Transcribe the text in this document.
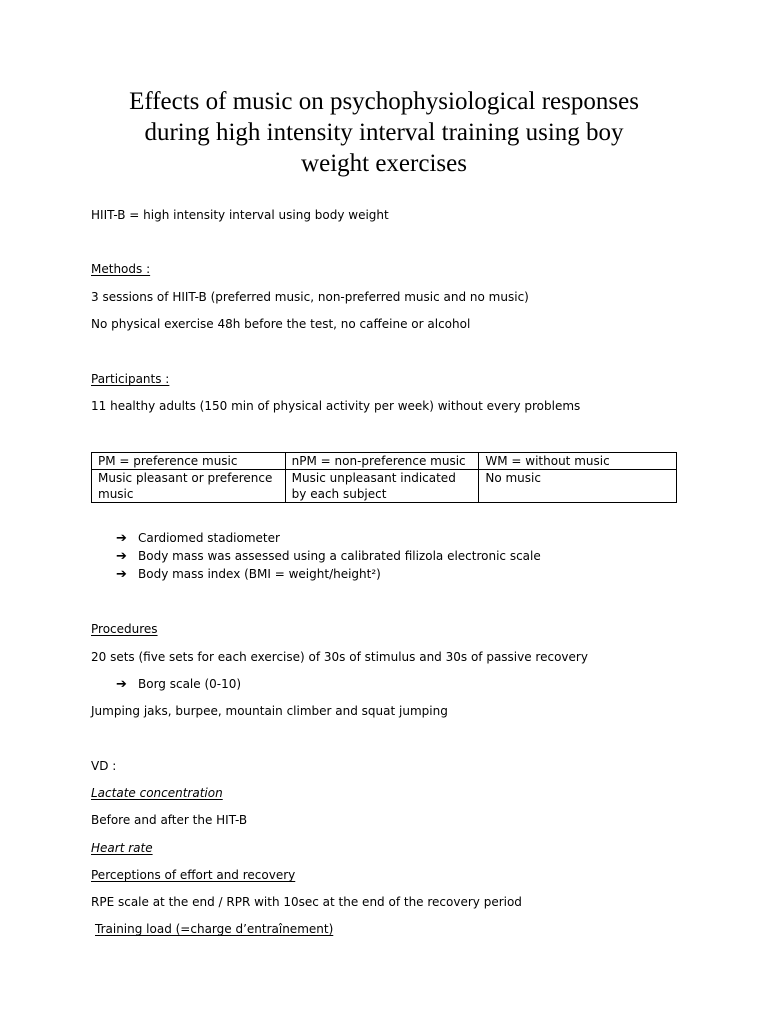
Effects of music on psychophysiological responses
during high intensity interval training using boy
weight exercises
HIIT-B = high intensity interval using body weight
Methods :
3 sessions of HIIT-B (preferred music, non-preferred music and no music)
No physical exercise 48h before the test, no caffeine or alcohol
Participants :
11 healthy adults (150 min of physical activity per week) without every problems
PM = preference music	nPM = non-preference music	WM = without music
Music pleasant or preference music	Music unpleasant indicated by each subject	No music
➔ Cardiomed stadiometer
➔ Body mass was assessed using a calibrated filizola electronic scale
➔ Body mass index (BMI = weight/height²)
Procedures
20 sets (five sets for each exercise) of 30s of stimulus and 30s of passive recovery
➔ Borg scale (0-10)
Jumping jaks, burpee, mountain climber and squat jumping
VD :
Lactate concentration
Before and after the HIT-B
Heart rate
Perceptions of effort and recovery
RPE scale at the end / RPR with 10sec at the end of the recovery period
Training load (=charge d’entraînement)
